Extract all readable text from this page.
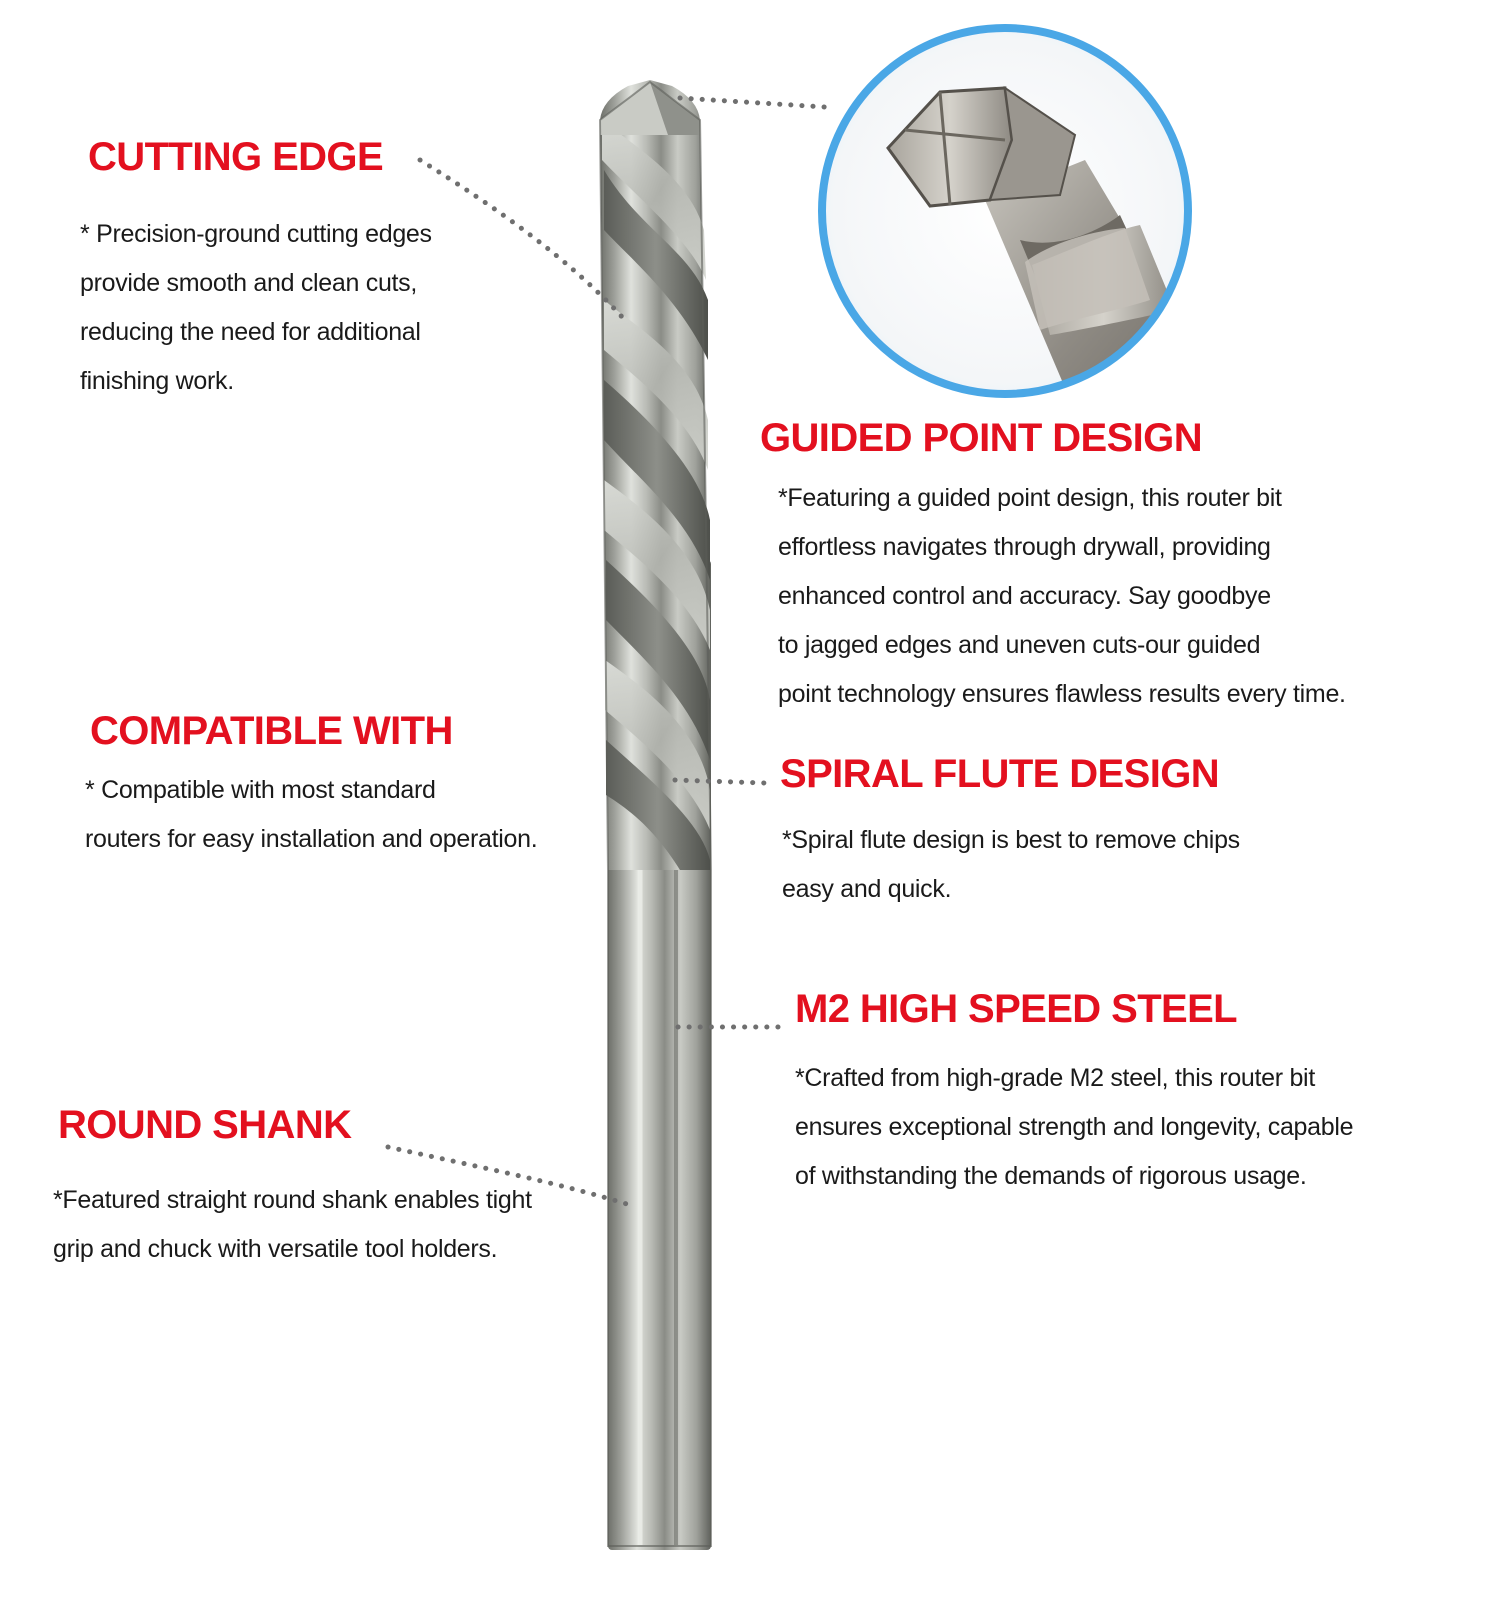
CUTTING EDGE
* Precision-ground cutting edges
provide smooth and clean cuts,
reducing the need for additional
finishing work.
GUIDED POINT DESIGN
*Featuring a guided point design, this router bit
effortless navigates through drywall, providing
enhanced control and accuracy. Say goodbye
to jagged edges and uneven cuts-our guided
point technology ensures flawless results every time.
COMPATIBLE WITH
* Compatible with most standard
routers for easy installation and operation.
SPIRAL FLUTE DESIGN
*Spiral flute design is best to remove chips
easy and quick.
M2 HIGH SPEED STEEL
*Crafted from high-grade M2 steel, this router bit
ensures exceptional strength and longevity, capable
of withstanding the demands of rigorous usage.
ROUND SHANK
*Featured straight round shank enables tight
grip and chuck with versatile tool holders.
